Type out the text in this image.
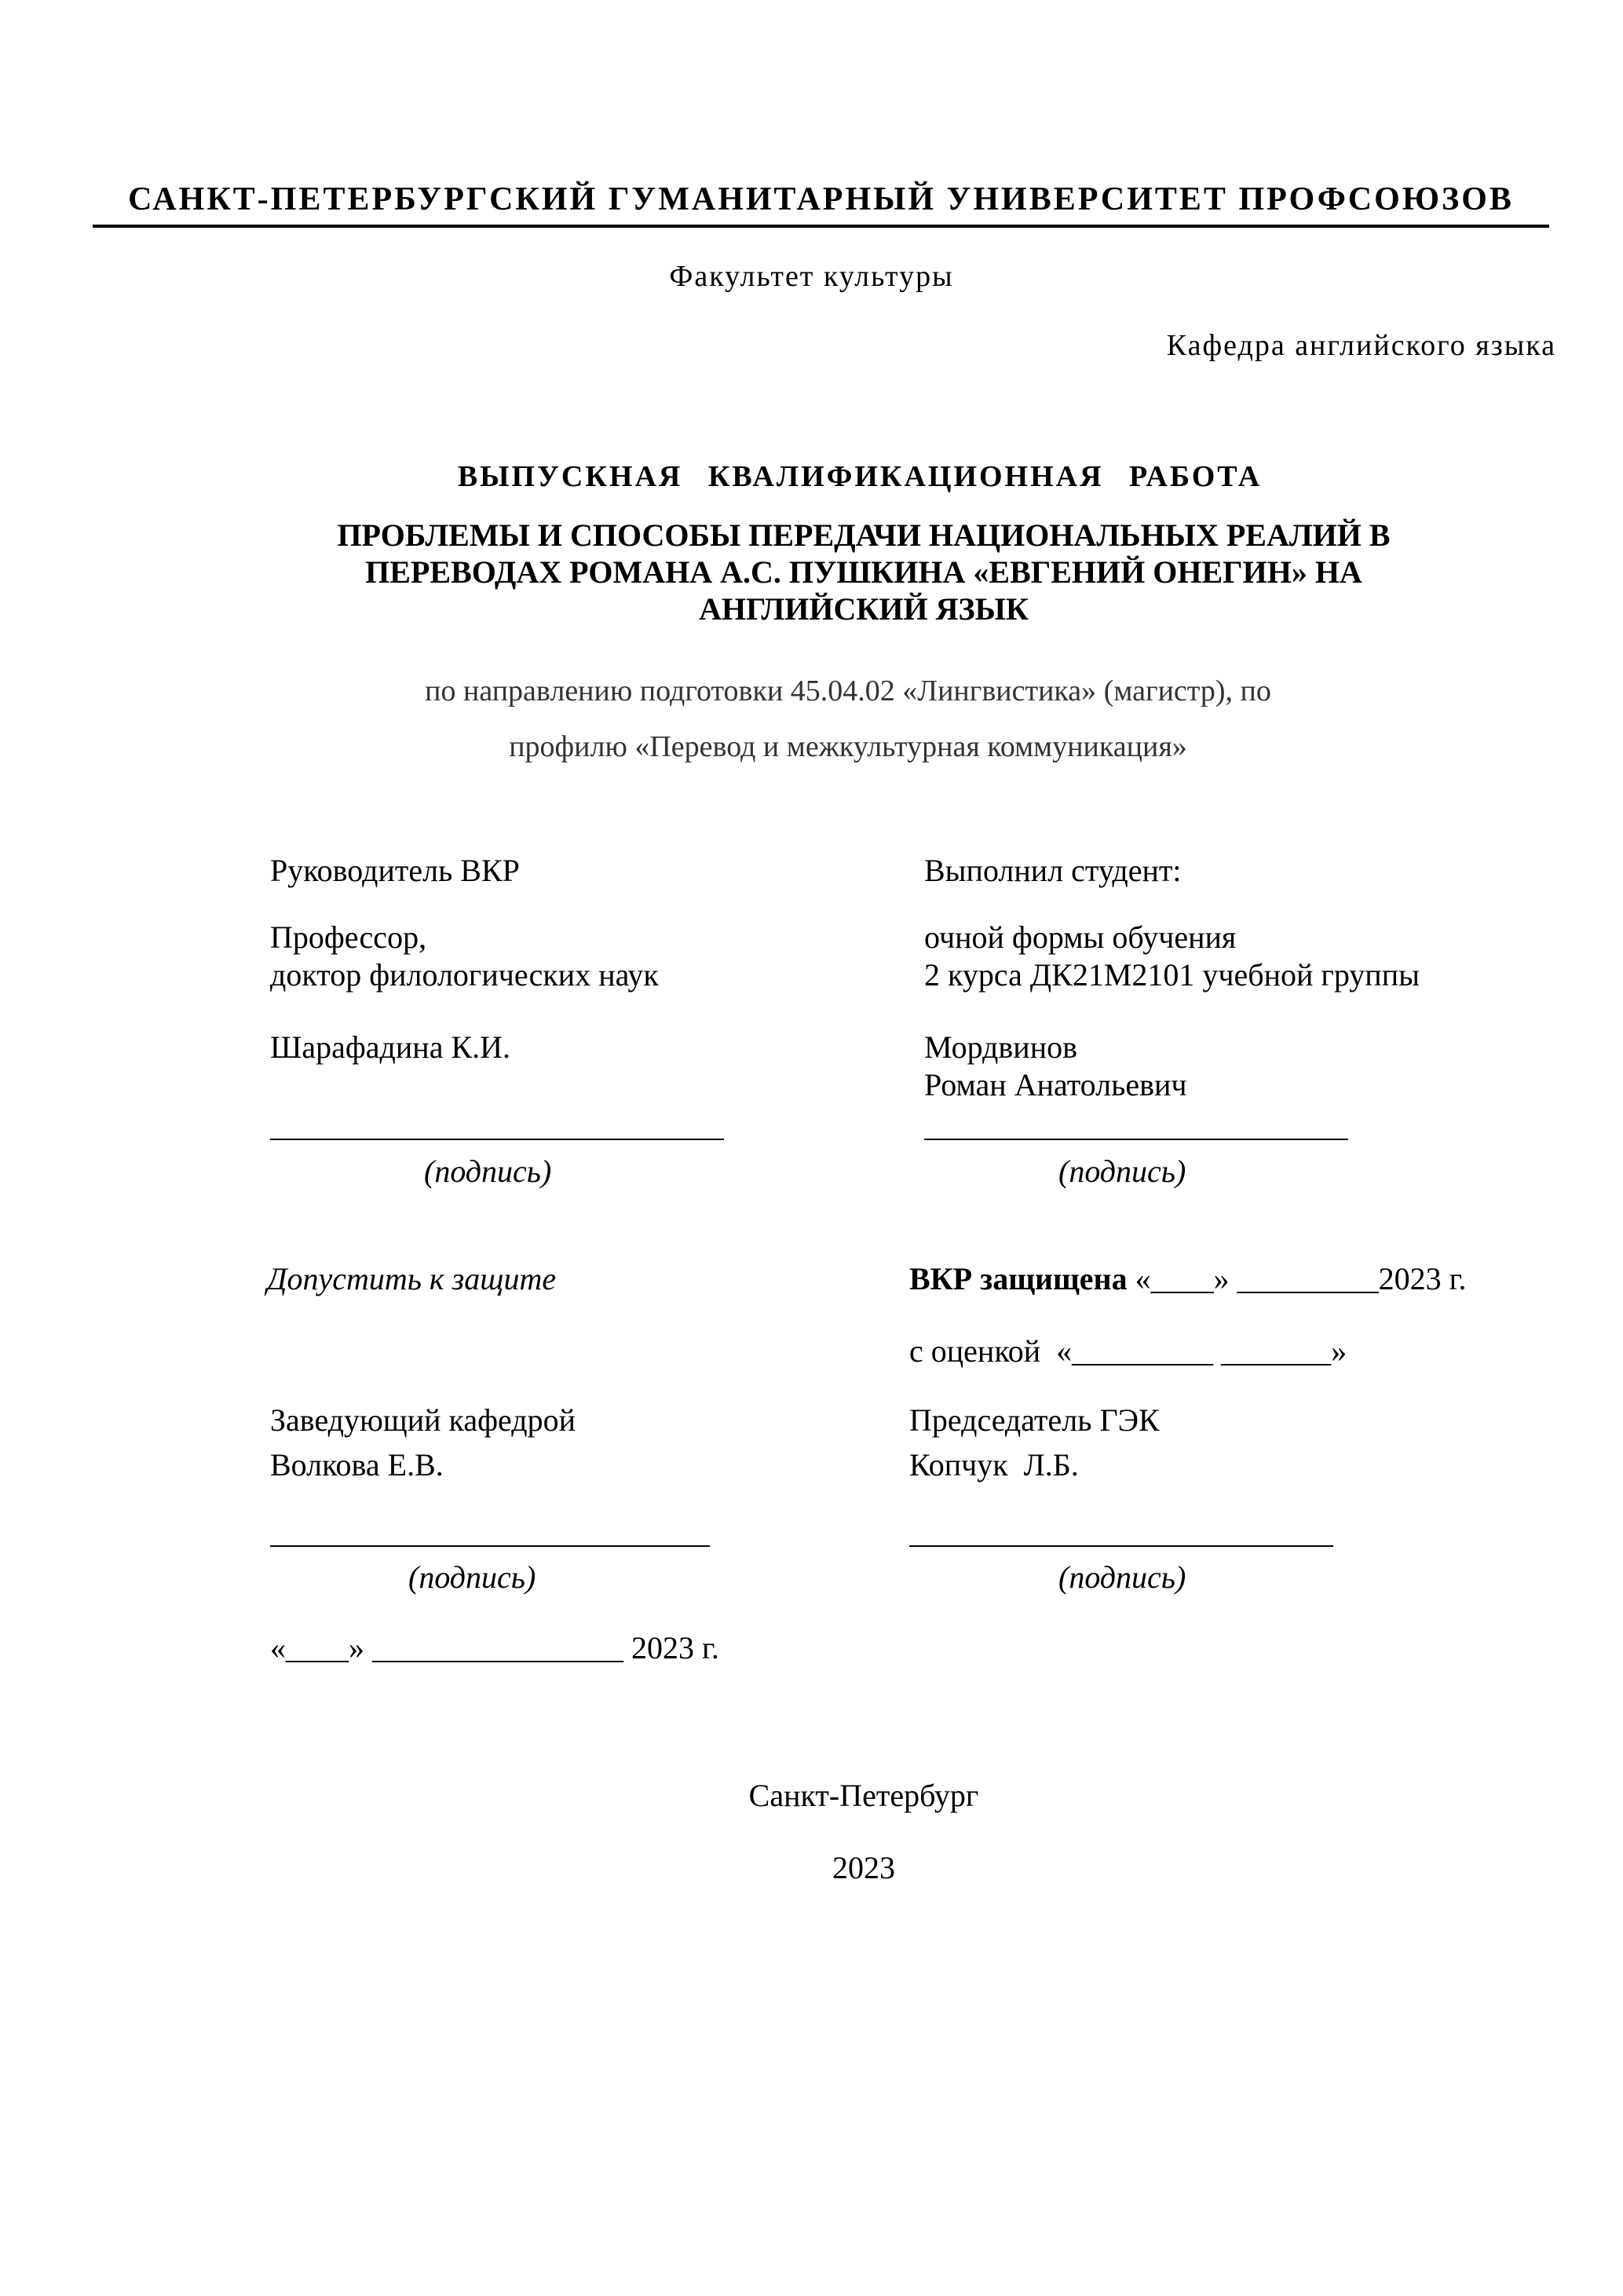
САНКТ-ПЕТЕРБУРГСКИЙ ГУМАНИТАРНЫЙ УНИВЕРСИТЕТ ПРОФСОЮЗОВ
Факультет культуры
Кафедра английского языка
ВЫПУСКНАЯ КВАЛИФИКАЦИОННАЯ РАБОТА
ПРОБЛЕМЫ И СПОСОБЫ ПЕРЕДАЧИ НАЦИОНАЛЬНЫХ РЕАЛИЙ В ПЕРЕВОДАХ РОМАНА А.С. ПУШКИНА «ЕВГЕНИЙ ОНЕГИН» НА АНГЛИЙСКИЙ ЯЗЫК
по направлению подготовки 45.04.02 «Лингвистика» (магистр), по
профилю «Перевод и межкультурная коммуникация»
Руководитель ВКР
Профессор,
доктор филологических наук
Шарафадина К.И.
(подпись)
Выполнил студент:
очной формы обучения
2 курса ДК21М2101 учебной группы
Мордвинов
Роман Анатольевич
(подпись)
Допустить к защите
Заведующий кафедрой
Волкова Е.В.
(подпись)
«____» ________________ 2023 г.
ВКР защищена «____» _________2023 г.
с оценкой  «_________ _______»
Председатель ГЭК
Копчук  Л.Б.
(подпись)
Санкт-Петербург
2023
